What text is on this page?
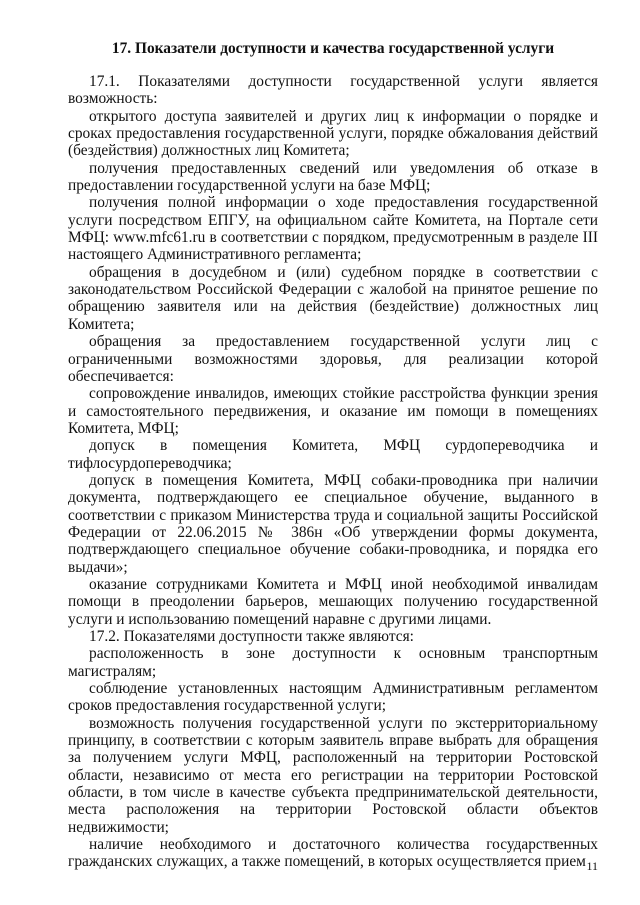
17. Показатели доступности и качества государственной услуги

17.1. Показателями доступности государственной услуги является возможность:

открытого доступа заявителей и других лиц к информации о порядке и сроках предоставления государственной услуги, порядке обжалования действий (бездействия) должностных лиц Комитета;

получения предоставленных сведений или уведомления об отказе в предоставлении государственной услуги на базе МФЦ;

получения полной информации о ходе предоставления государственной услуги посредством ЕПГУ, на официальном сайте Комитета, на Портале сети МФЦ: www.mfc61.ru в соответствии с порядком, предусмотренным в разделе III настоящего Административного регламента;

обращения в досудебном и (или) судебном порядке в соответствии с законодательством Российской Федерации с жалобой на принятое решение по обращению заявителя или на действия (бездействие) должностных лиц Комитета;

обращения за предоставлением государственной услуги лиц с ограниченными возможностями здоровья, для реализации которой обеспечивается:

сопровождение инвалидов, имеющих стойкие расстройства функции зрения и самостоятельного передвижения, и оказание им помощи в помещениях Комитета, МФЦ;

допуск в помещения Комитета, МФЦ сурдопереводчика и тифлосурдопереводчика;

допуск в помещения Комитета, МФЦ собаки-проводника при наличии документа, подтверждающего ее специальное обучение, выданного в соответствии с приказом Министерства труда и социальной защиты Российской Федерации от 22.06.2015 № 386н «Об утверждении формы документа, подтверждающего специальное обучение собаки-проводника, и порядка его выдачи»;

оказание сотрудниками Комитета и МФЦ иной необходимой инвалидам помощи в преодолении барьеров, мешающих получению государственной услуги и использованию помещений наравне с другими лицами.

17.2. Показателями доступности также являются:

расположенность в зоне доступности к основным транспортным магистралям;

соблюдение установленных настоящим Административным регламентом сроков предоставления государственной услуги;

возможность получения государственной услуги по экстерриториальному принципу, в соответствии с которым заявитель вправе выбрать для обращения за получением услуги МФЦ, расположенный на территории Ростовской области, независимо от места его регистрации на территории Ростовской области, в том числе в качестве субъекта предпринимательской деятельности, места расположения на территории Ростовской области объектов недвижимости;

наличие необходимого и достаточного количества государственных гражданских служащих, а также помещений, в которых осуществляется прием 11
